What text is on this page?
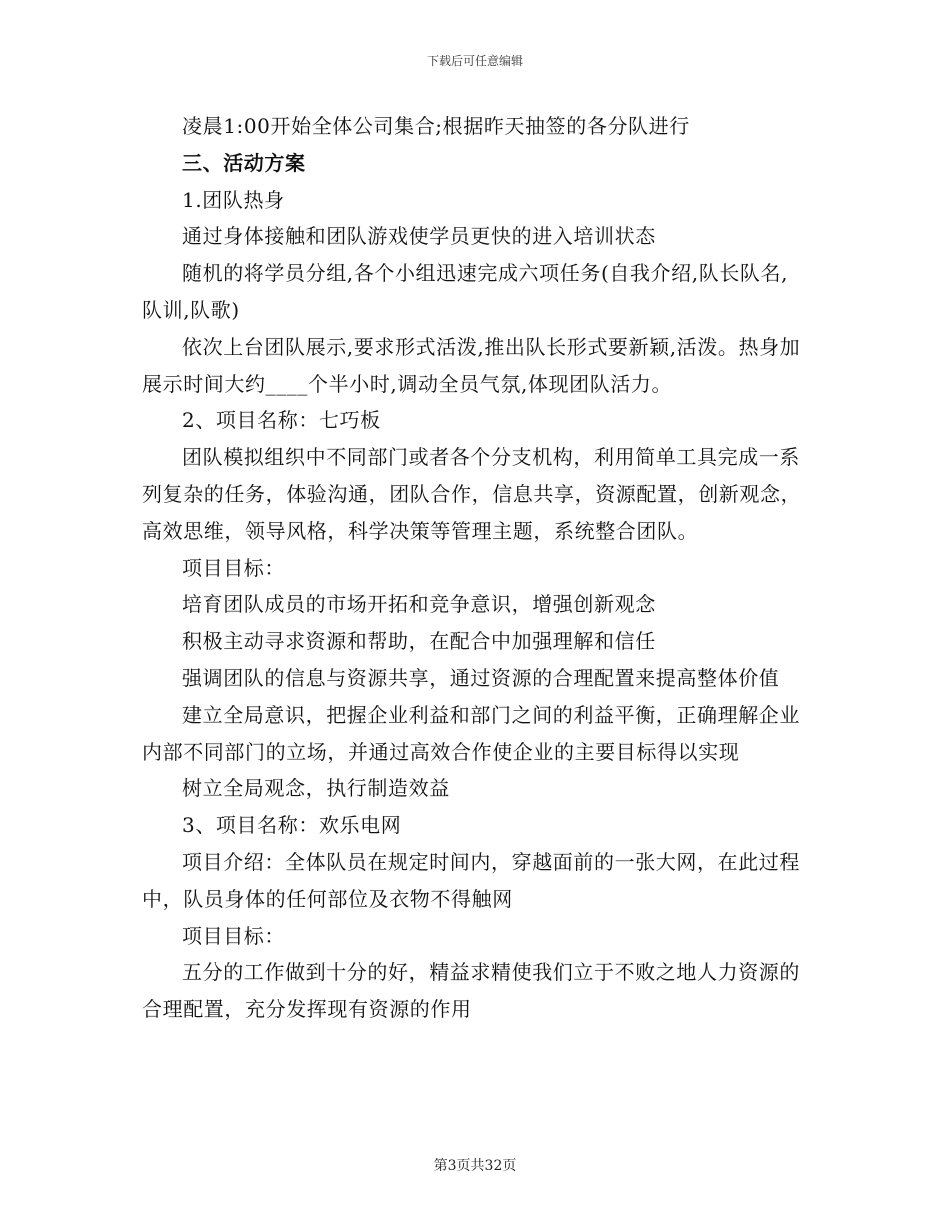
下载后可任意编辑

凌晨1:00开始全体公司集合;根据昨天抽签的各分队进行

三、活动方案

1.团队热身

通过身体接触和团队游戏使学员更快的进入培训状态

随机的将学员分组,各个小组迅速完成六项任务(自我介绍,队长队名,队训,队歌)

依次上台团队展示,要求形式活泼,推出队长形式要新颖,活泼。热身加展示时间大约____个半小时,调动全员气氛,体现团队活力。

2、项目名称：七巧板

团队模拟组织中不同部门或者各个分支机构，利用简单工具完成一系列复杂的任务，体验沟通，团队合作，信息共享，资源配置，创新观念，高效思维，领导风格，科学决策等管理主题，系统整合团队。

项目目标：

培育团队成员的市场开拓和竞争意识，增强创新观念

积极主动寻求资源和帮助，在配合中加强理解和信任

强调团队的信息与资源共享，通过资源的合理配置来提高整体价值

建立全局意识，把握企业利益和部门之间的利益平衡，正确理解企业内部不同部门的立场，并通过高效合作使企业的主要目标得以实现

树立全局观念，执行制造效益

3、项目名称：欢乐电网

项目介绍：全体队员在规定时间内，穿越面前的一张大网，在此过程中，队员身体的任何部位及衣物不得触网

项目目标：

五分的工作做到十分的好，精益求精使我们立于不败之地人力资源的合理配置，充分发挥现有资源的作用

第3页共32页
